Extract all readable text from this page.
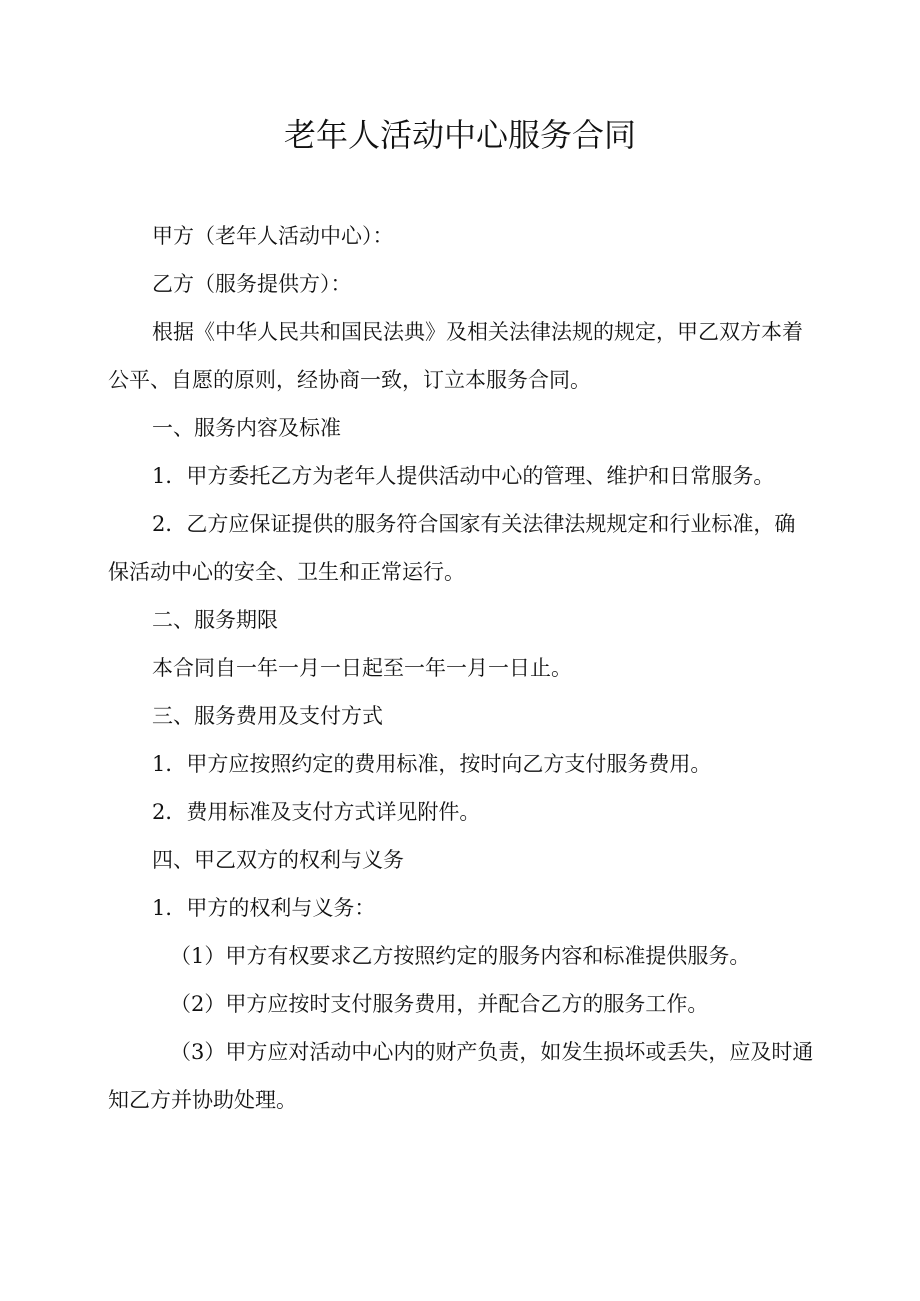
老年人活动中心服务合同
甲方（老年人活动中心）：
乙方（服务提供方）：
根据《中华人民共和国民法典》及相关法律法规的规定，甲乙双方本着
公平、自愿的原则，经协商一致，订立本服务合同。
一、服务内容及标准
1．甲方委托乙方为老年人提供活动中心的管理、维护和日常服务。
2．乙方应保证提供的服务符合国家有关法律法规规定和行业标准，确
保活动中心的安全、卫生和正常运行。
二、服务期限
本合同自一年一月一日起至一年一月一日止。
三、服务费用及支付方式
1．甲方应按照约定的费用标准，按时向乙方支付服务费用。
2．费用标准及支付方式详见附件。
四、甲乙双方的权利与义务
1．甲方的权利与义务：
（1）甲方有权要求乙方按照约定的服务内容和标准提供服务。
（2）甲方应按时支付服务费用，并配合乙方的服务工作。
（3）甲方应对活动中心内的财产负责，如发生损坏或丢失，应及时通
知乙方并协助处理。
